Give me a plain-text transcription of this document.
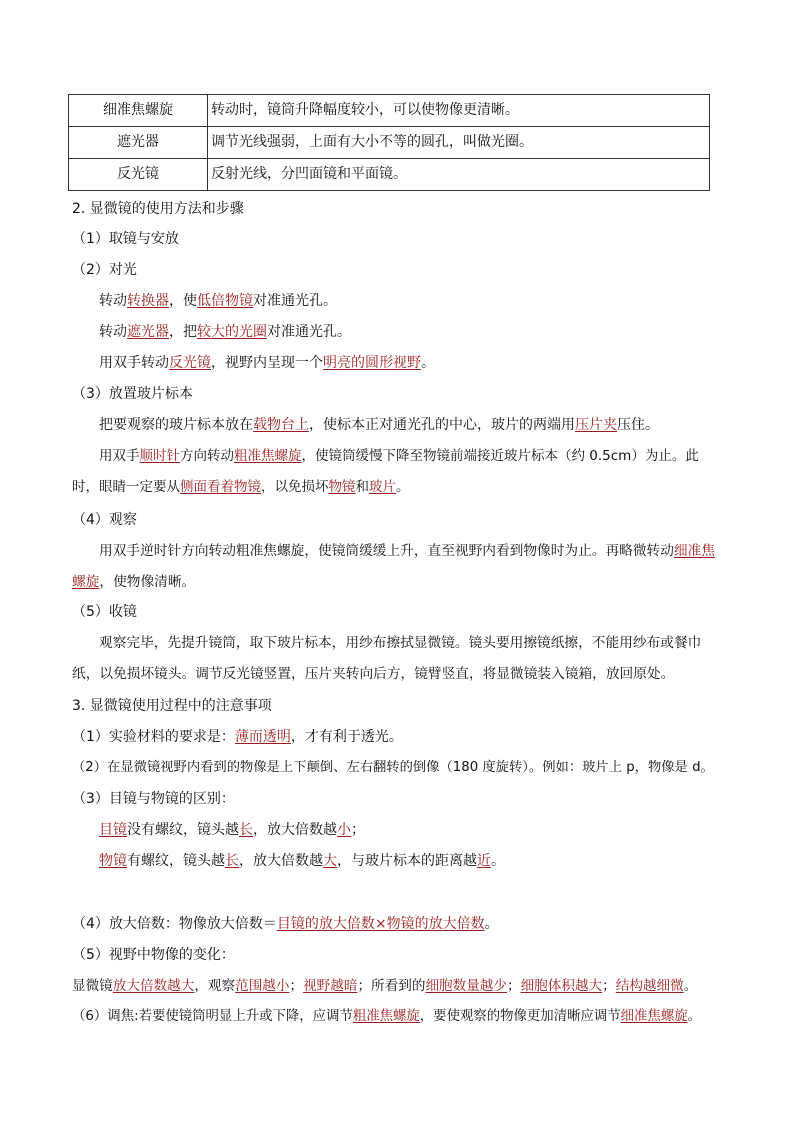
细准焦螺旋	转动时，镜筒升降幅度较小，可以使物像更清晰。
遮光器	调节光线强弱，上面有大小不等的圆孔，叫做光圈。
反光镜	反射光线，分凹面镜和平面镜。
2. 显微镜的使用方法和步骤
（1）取镜与安放
（2）对光
转动转换器，使低倍物镜对准通光孔。
转动遮光器，把较大的光圈对准通光孔。
用双手转动反光镜，视野内呈现一个明亮的圆形视野。
（3）放置玻片标本
把要观察的玻片标本放在载物台上，使标本正对通光孔的中心，玻片的两端用压片夹压住。
用双手顺时针方向转动粗准焦螺旋，使镜筒缓慢下降至物镜前端接近玻片标本（约 0.5cm）为止。此时，眼睛一定要从侧面看着物镜，以免损坏物镜和玻片。
（4）观察
用双手逆时针方向转动粗准焦螺旋，使镜筒缓缓上升，直至视野内看到物像时为止。再略微转动细准焦螺旋，使物像清晰。
（5）收镜
观察完毕，先提升镜筒，取下玻片标本，用纱布擦拭显微镜。镜头要用擦镜纸擦，不能用纱布或餐巾纸，以免损坏镜头。调节反光镜竖置，压片夹转向后方，镜臂竖直，将显微镜装入镜箱，放回原处。
3. 显微镜使用过程中的注意事项
（1）实验材料的要求是：薄而透明，才有利于透光。
（2）在显微镜视野内看到的物像是上下颠倒、左右翻转的倒像（180 度旋转）。例如：玻片上 p，物像是 d。
（3）目镜与物镜的区别：
目镜没有螺纹，镜头越长，放大倍数越小；
物镜有螺纹，镜头越长，放大倍数越大，与玻片标本的距离越近。
（4）放大倍数：物像放大倍数＝目镜的放大倍数×物镜的放大倍数。
（5）视野中物像的变化：
显微镜放大倍数越大，观察范围越小；视野越暗；所看到的细胞数量越少；细胞体积越大；结构越细微。
（6）调焦:若要使镜筒明显上升或下降，应调节粗准焦螺旋，要使观察的物像更加清晰应调节细准焦螺旋。
